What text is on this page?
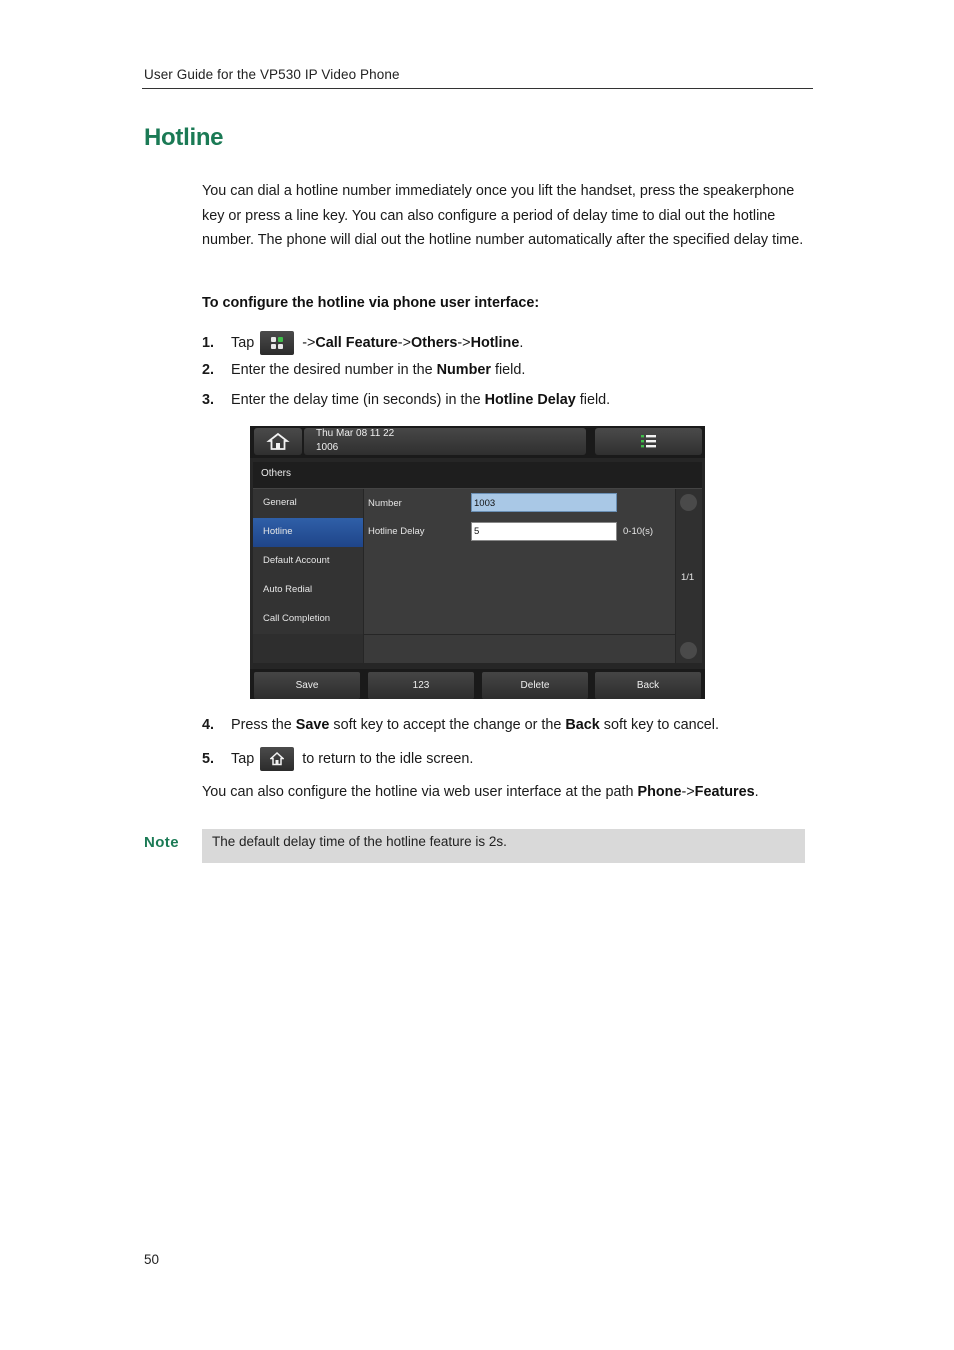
User Guide for the VP530 IP Video Phone
Hotline
You can dial a hotline number immediately once you lift the handset, press the speakerphone key or press a line key. You can also configure a period of delay time to dial out the hotline number. The phone will dial out the hotline number automatically after the specified delay time.
To configure the hotline via phone user interface:
1. Tap	->Call Feature->Others->Hotline.
2. Enter the desired number in the Number field.
3. Enter the delay time (in seconds) in the Hotline Delay field.
Thu Mar 08 11 22
1006
Others
General
Hotline
Default Account
Auto Redial
Call Completion
Number	1003
Hotline Delay	5	0-10(s)
1/1
Save	123	Delete	Back
4. Press the Save soft key to accept the change or the Back soft key to cancel.
5. Tap	to return to the idle screen.
You can also configure the hotline via web user interface at the path Phone->Features.
Note The default delay time of the hotline feature is 2s.
50
